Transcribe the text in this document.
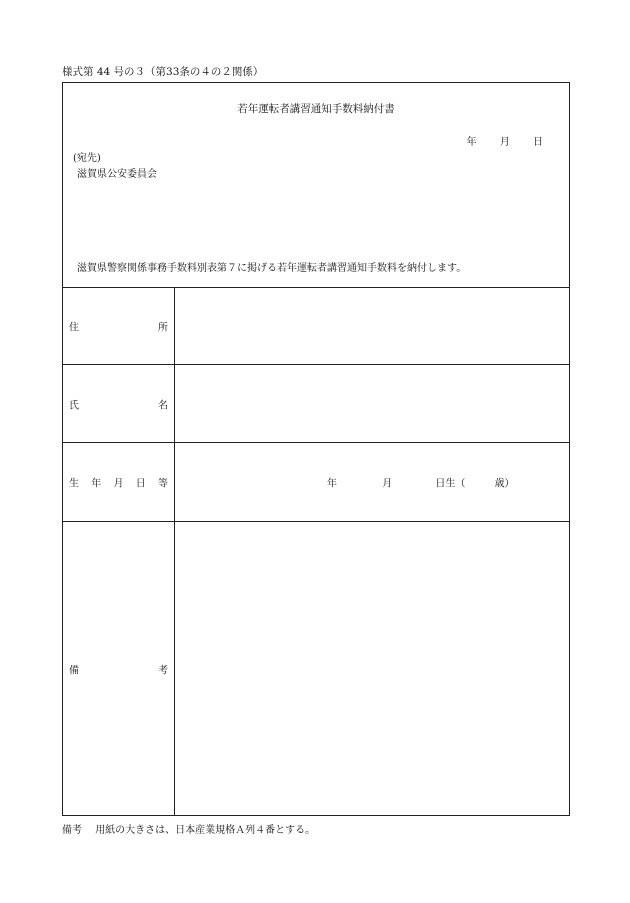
様式第 44 号の３（第33条の４の２関係）
若年運転者講習通知手数料納付書
年 月 日
(宛先)
滋賀県公安委員会
滋賀県警察関係事務手数料別表第７に掲げる若年運転者講習通知手数料を納付します。
住	所
氏	名
生 年 月 日 等	年	月	日生（	歳）
備	考
備考 用紙の大きさは、日本産業規格Ａ列４番とする。
